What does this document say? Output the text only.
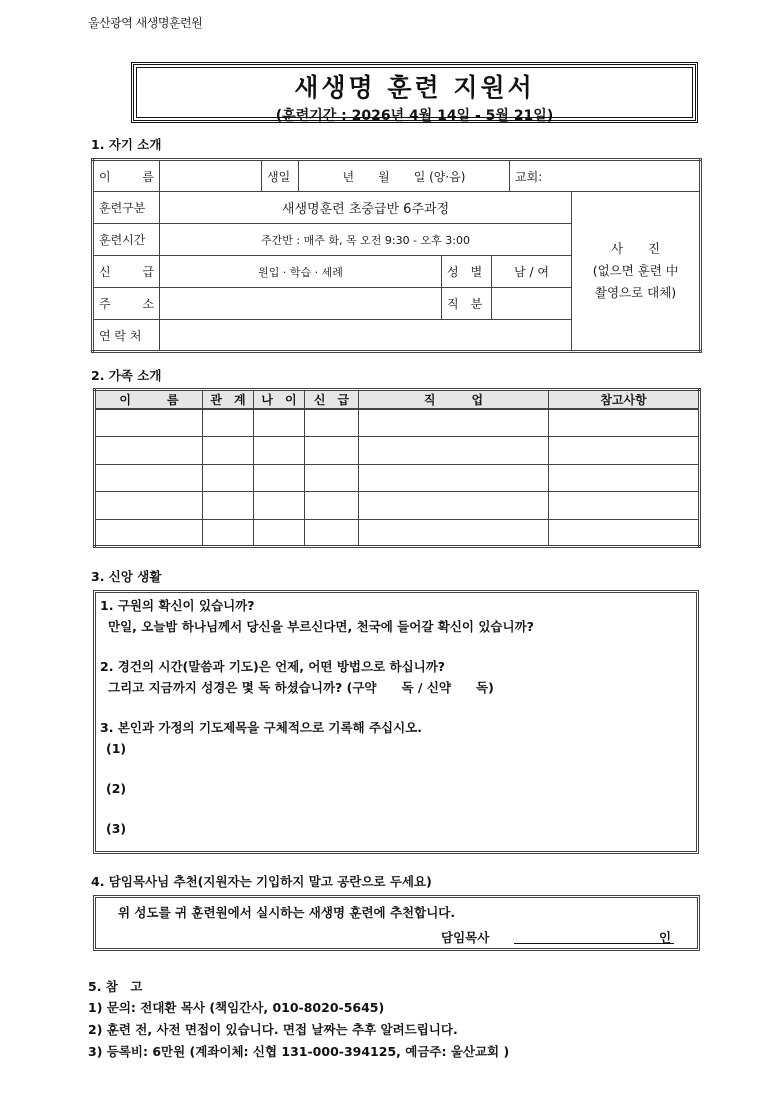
울산광역 새생명훈련원
새생명 훈련 지원서
(훈련기간 : 2026년 4월 14일 - 5월 21일)
1. 자기 소개
이 름		생일	년　　월　　일 (양·음)			교회:	
훈련구분	새생명훈련 초중급반 6주과정						사　　진
(없으면 훈련 中
촬영으로 대체)

훈련시간	주간반 : 매주 화, 목 오전 9:30 - 오후 3:00						

신 급	원입 · 학습 · 세례			성　별	남 / 여		

주 소				직　분			
연 락 처							
2. 가족 소개
이　　　름	관　계	나　이	신　급	직　　　업	참고사항

3. 신앙 생활
1. 구원의 확신이 있습니까?
만일, 오늘밤 하나님께서 당신을 부르신다면, 천국에 들어갈 확신이 있습니까?
2. 경건의 시간(말씀과 기도)은 언제, 어떤 방법으로 하십니까?
그리고 지금까지 성경은 몇 독 하셨습니까? (구약　　독 / 신약　　독)
3. 본인과 가정의 기도제목을 구체적으로 기록해 주십시오.
(1)
(2)
(3)
4. 담임목사님 추천(지원자는 기입하지 말고 공란으로 두세요)
위 성도를 귀 훈련원에서 실시하는 새생명 훈련에 추천합니다.
담임목사	인
5. 참　고
1) 문의: 전대환 목사 (책임간사, 010-8020-5645)
2) 훈련 전, 사전 면접이 있습니다. 면접 날짜는 추후 알려드립니다.
3) 등록비: 6만원 (계좌이체: 신협 131-000-394125, 예금주: 울산교회 )
